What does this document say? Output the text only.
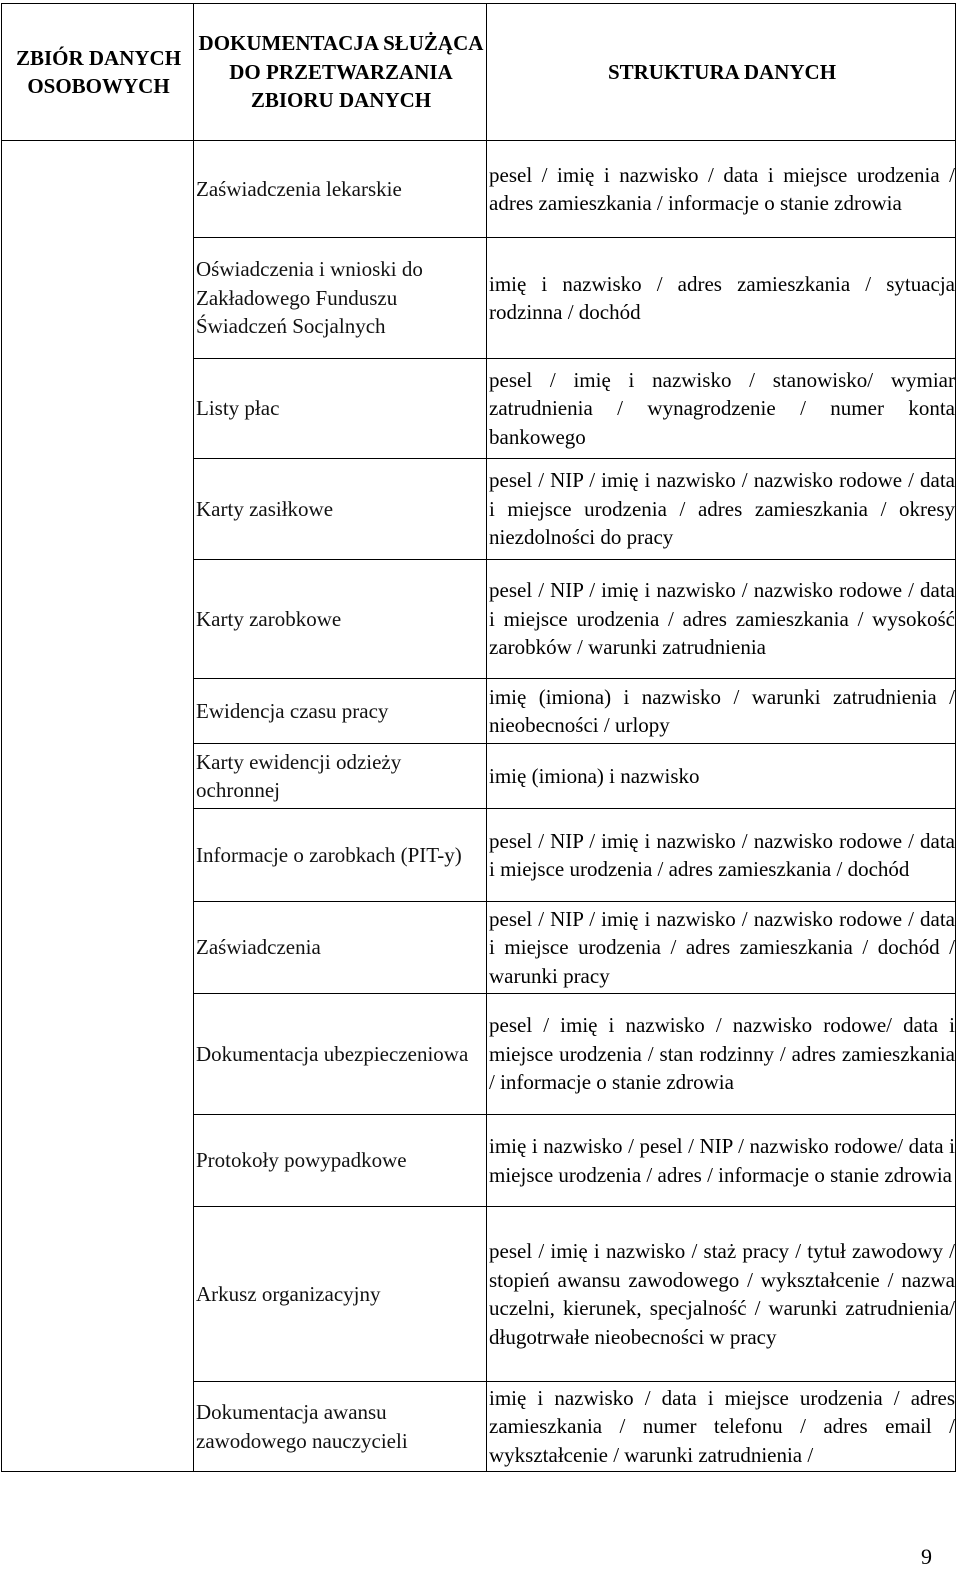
ZBIÓR DANYCH OSOBOWYCH	DOKUMENTACJA SŁUŻĄCA DO PRZETWARZANIA ZBIORU DANYCH	STRUKTURA DANYCH
	Zaświadczenia lekarskie	pesel / imię i nazwisko / data i miejsce urodzenia / adres zamieszkania / informacje o stanie zdrowia
	Oświadczenia i wnioski do Zakładowego Funduszu Świadczeń Socjalnych	imię i nazwisko / adres zamieszkania / sytuacja rodzinna / dochód
	Listy płac	pesel / imię i nazwisko / stanowisko/ wymiar zatrudnienia / wynagrodzenie / numer konta bankowego
	Karty zasiłkowe	pesel / NIP / imię i nazwisko / nazwisko rodowe / data i miejsce urodzenia / adres zamieszkania / okresy niezdolności do pracy
	Karty zarobkowe	pesel / NIP / imię i nazwisko / nazwisko rodowe / data i miejsce urodzenia / adres zamieszkania / wysokość zarobków / warunki zatrudnienia
	Ewidencja czasu pracy	imię (imiona) i nazwisko / warunki zatrudnienia / nieobecności / urlopy
	Karty ewidencji odzieży ochronnej	imię (imiona) i nazwisko
	Informacje o zarobkach (PIT-y)	pesel / NIP / imię i nazwisko / nazwisko rodowe / data i miejsce urodzenia / adres zamieszkania / dochód
	Zaświadczenia	pesel / NIP / imię i nazwisko / nazwisko rodowe / data i miejsce urodzenia / adres zamieszkania / dochód / warunki pracy
	Dokumentacja ubezpieczeniowa	pesel / imię i nazwisko / nazwisko rodowe/ data i miejsce urodzenia / stan rodzinny / adres zamieszkania / informacje o stanie zdrowia
	Protokoły powypadkowe	imię i nazwisko / pesel / NIP / nazwisko rodowe/ data i miejsce urodzenia / adres / informacje o stanie zdrowia
	Arkusz organizacyjny	pesel / imię i nazwisko / staż pracy / tytuł zawodowy / stopień awansu zawodowego / wykształcenie / nazwa uczelni, kierunek, specjalność / warunki zatrudnienia/ długotrwałe nieobecności w pracy
	Dokumentacja awansu zawodowego nauczycieli	imię i nazwisko / data i miejsce urodzenia / adres zamieszkania / numer telefonu / adres email / wykształcenie / warunki zatrudnienia /
9
